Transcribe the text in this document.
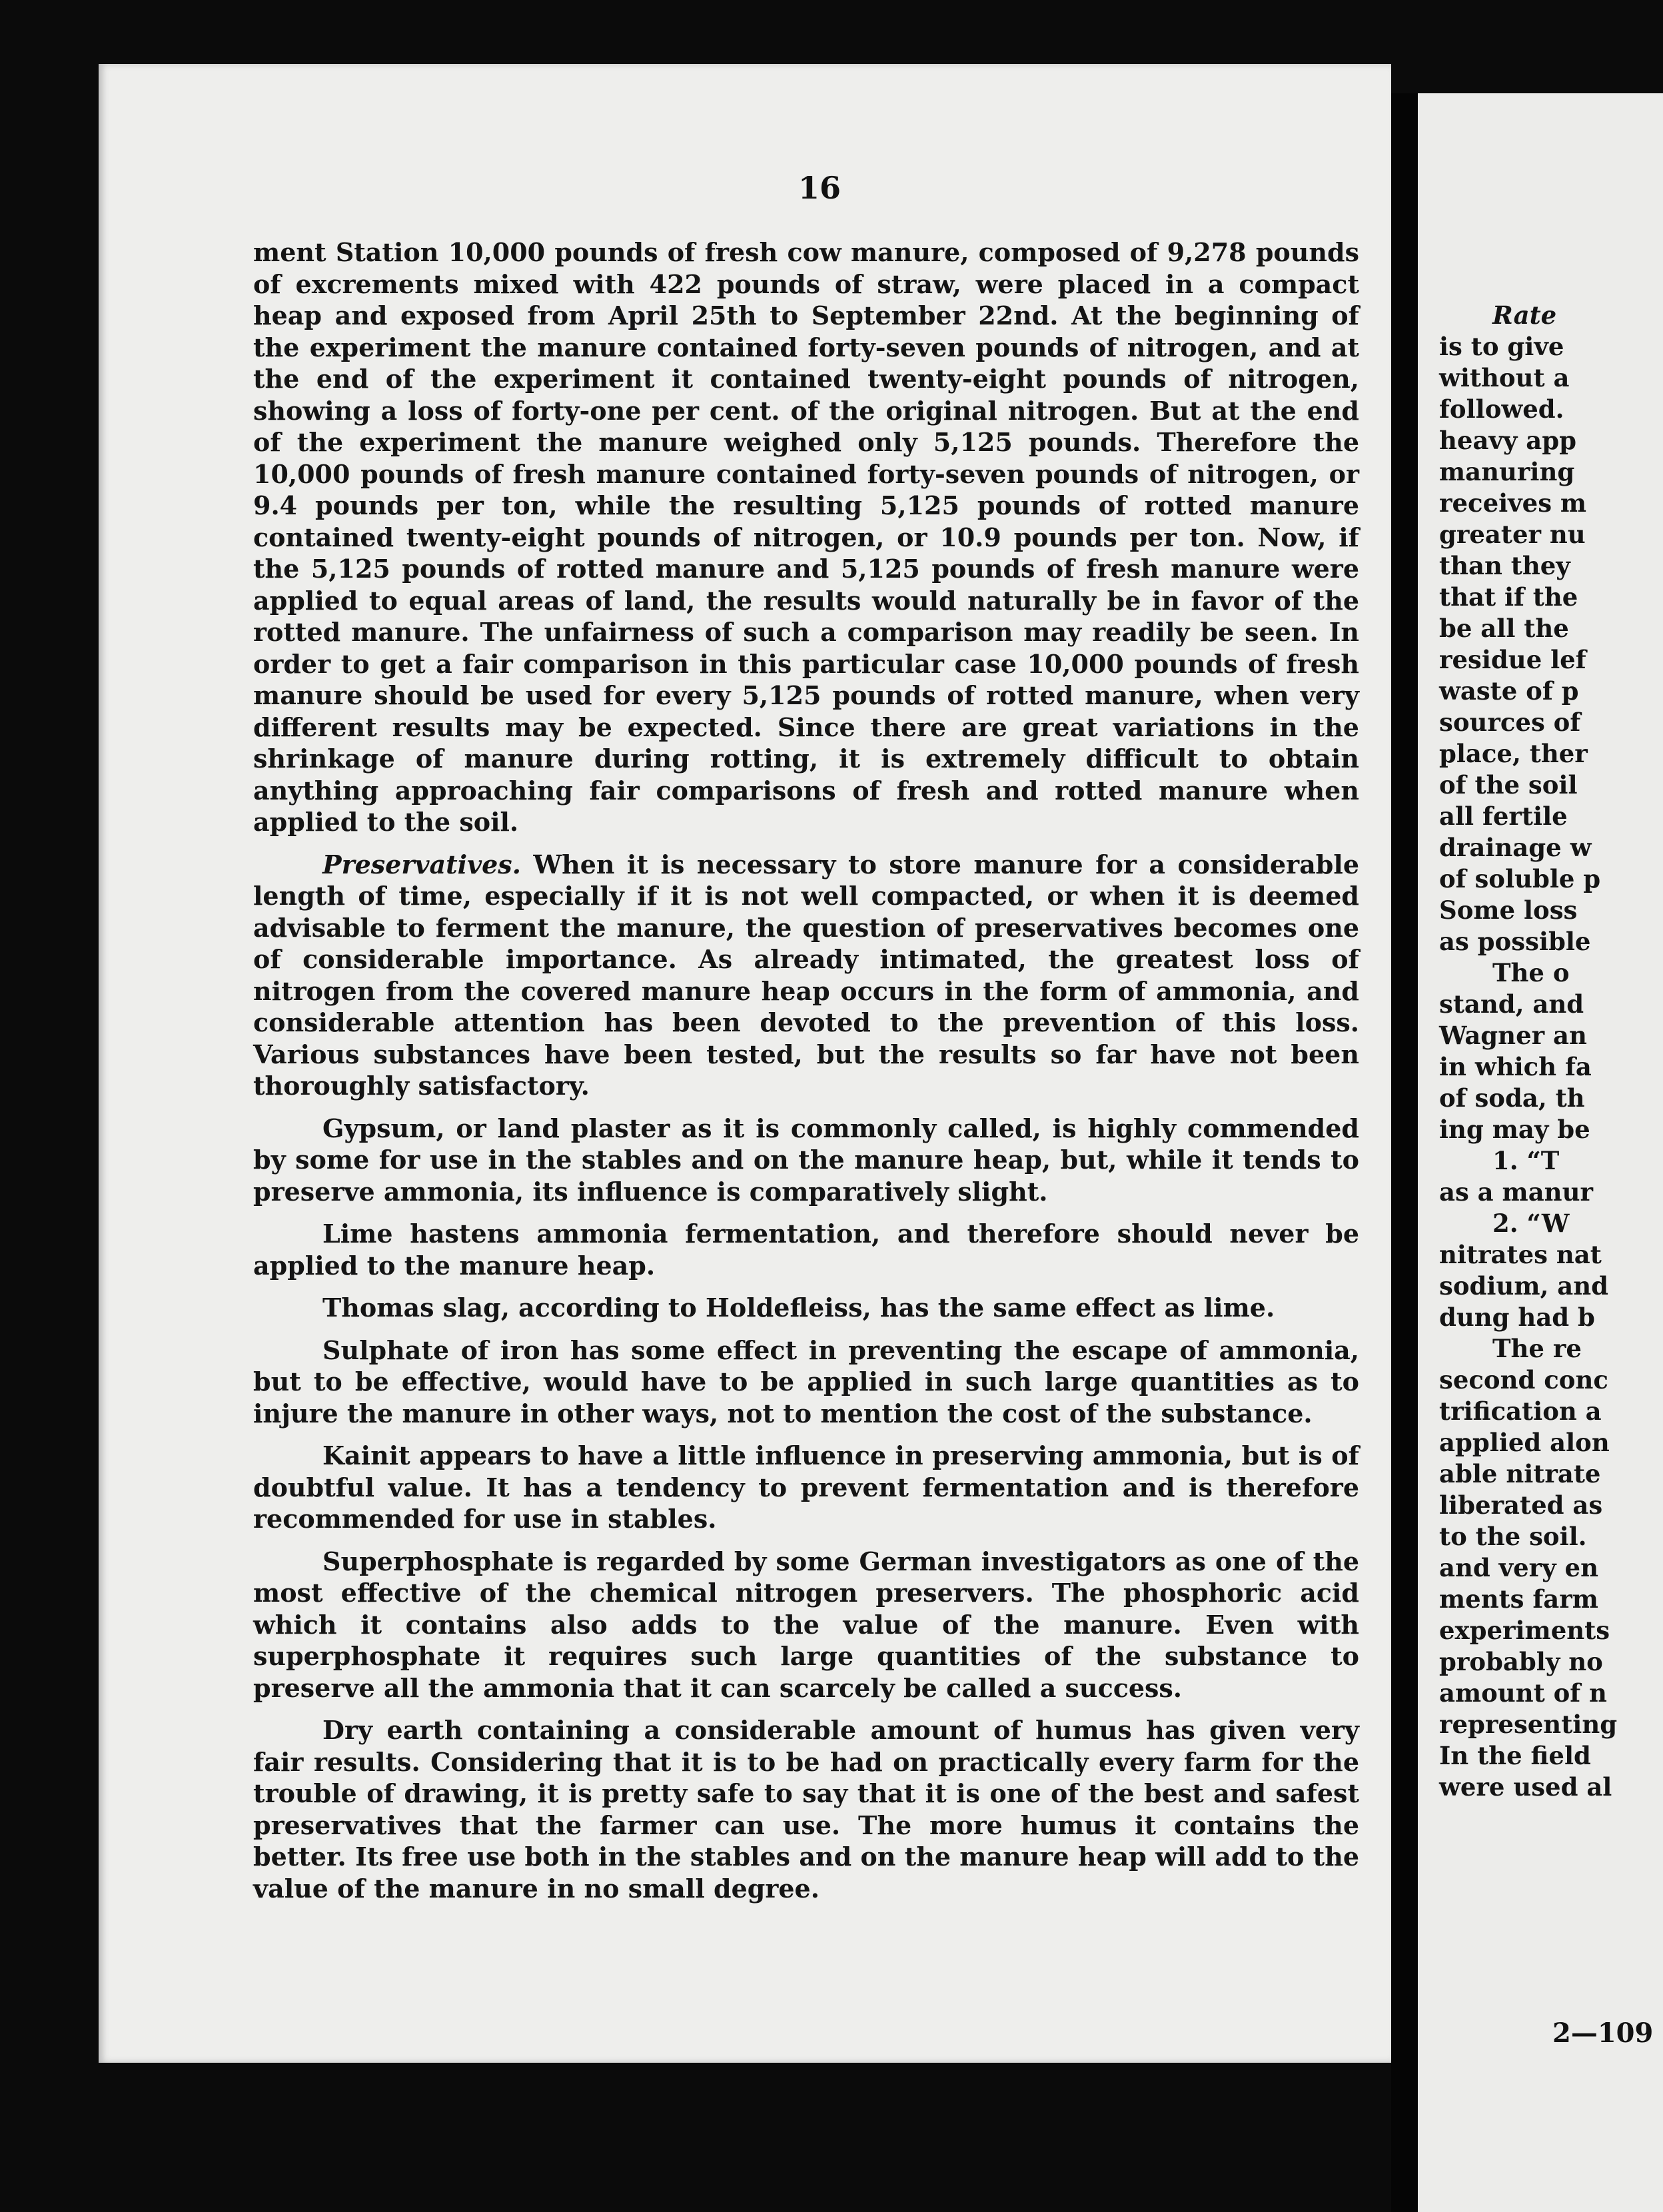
16

ment Station 10,000 pounds of fresh cow manure, composed of 9,278 pounds of excrements mixed with 422 pounds of straw, were placed in a compact heap and exposed from April 25th to September 22nd. At the beginning of the experiment the manure contained forty-seven pounds of nitrogen, and at the end of the experiment it contained twenty-eight pounds of nitrogen, showing a loss of forty-one per cent. of the original nitrogen. But at the end of the experiment the manure weighed only 5,125 pounds. Therefore the 10,000 pounds of fresh manure contained forty-seven pounds of nitrogen, or 9.4 pounds per ton, while the resulting 5,125 pounds of rotted manure contained twenty-eight pounds of nitrogen, or 10.9 pounds per ton. Now, if the 5,125 pounds of rotted manure and 5,125 pounds of fresh manure were applied to equal areas of land, the results would naturally be in favor of the rotted manure. The unfairness of such a comparison may readily be seen. In order to get a fair comparison in this particular case 10,000 pounds of fresh manure should be used for every 5,125 pounds of rotted manure, when very different results may be expected. Since there are great variations in the shrinkage of manure during rotting, it is extremely difficult to obtain anything approaching fair comparisons of fresh and rotted manure when applied to the soil.

Preservatives. When it is necessary to store manure for a considerable length of time, especially if it is not well compacted, or when it is deemed advisable to ferment the manure, the question of preservatives becomes one of considerable importance. As already intimated, the greatest loss of nitrogen from the covered manure heap occurs in the form of ammonia, and considerable attention has been devoted to the prevention of this loss. Various substances have been tested, but the results so far have not been thoroughly satisfactory.

Gypsum, or land plaster as it is commonly called, is highly commended by some for use in the stables and on the manure heap, but, while it tends to preserve ammonia, its influence is comparatively slight.

Lime hastens ammonia fermentation, and therefore should never be applied to the manure heap.

Thomas slag, according to Holdefleiss, has the same effect as lime.

Sulphate of iron has some effect in preventing the escape of ammonia, but to be effective, would have to be applied in such large quantities as to injure the manure in other ways, not to mention the cost of the substance.

Kainit appears to have a little influence in preserving ammonia, but is of doubtful value. It has a tendency to prevent fermentation and is therefore recommended for use in stables.

Superphosphate is regarded by some German investigators as one of the most effective of the chemical nitrogen preservers. The phosphoric acid which it contains also adds to the value of the manure. Even with superphosphate it requires such large quantities of the substance to preserve all the ammonia that it can scarcely be called a success.

Dry earth containing a considerable amount of humus has given very fair results. Considering that it is to be had on practically every farm for the trouble of drawing, it is pretty safe to say that it is one of the best and safest preservatives that the farmer can use. The more humus it contains the better. Its free use both in the stables and on the manure heap will add to the value of the manure in no small degree.

Rate
is to give
without a
followed.
heavy app
manuring
receives m
greater nu
than they
that if the
be all the
residue lef
waste of p
sources of
place, ther
of the soil
all fertile
drainage w
of soluble p
Some loss
as possible
The o
stand, and
Wagner an
in which fa
of soda, th
ing may be
1. “T
as a manur
2. “W
nitrates nat
sodium, and
dung had b
The re
second conc
trification a
applied alon
able nitrate
liberated as
to the soil.
and very en
ments farm
experiments
probably no
amount of n
representing
In the field
were used al
2—109
